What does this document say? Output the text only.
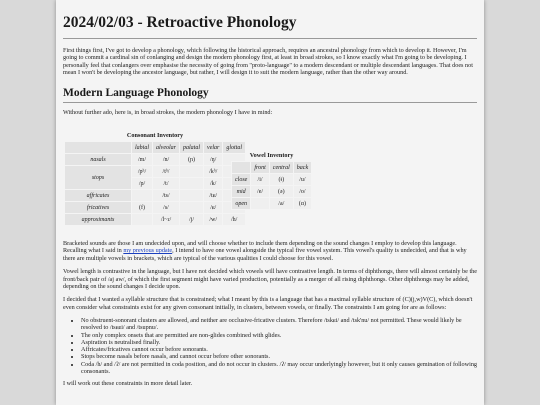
2024/02/03 - Retroactive Phonology

First things first, I've got to develop a phonology, which following the historical approach, requires an ancestral phonology from which to develop it. However, I'm going to commit a cardinal sin of conlanging and design the modern phonology first, at least in broad strokes, so I know exactly what I'm going to be developing. I personally feel that conlangers over emphasise the necessity of going from "proto-language" to a modern descendant or multiple descendant languages. That does not mean I won't be developing the ancestor language, but rather, I will design it to suit the modern language, rather than the other way around.

Modern Language Phonology

Without further ado, here is, in broad strokes, the modern phonology I have in mind:

Consonant Inventory
	labial	alveolar	palatal	velar	glottal
nasals	/m/	/n/	(ɲ)	/ŋ/	
stops	/pʰ/	/tʰ/		/kʰ/	
	/p/	/t/		/k/	
affricates		/ts/		/tɕ/	
fricatives	(f)	/s/		/ɕ/	
approximants		/l~ɾ/	/j/	/w/	/h/
Vowel Inventory
	front	central	back
close	/i/	(ɨ)	/u/
mid	/e/	(ə)	/o/
open		/a/	(ɑ)

Bracketed sounds are those I am undecided upon, and will choose whether to include them depending on the sound changes I employ to develop this language. Recalling what I said in my previous update, I intend to have one vowel alongside the typical five vowel system. This vowel's quality is undecided, and that is why there are multiple vowels in brackets, which are typical of the various qualities I could choose for this vowel.

Vowel length is contrastive in the language, but I have not decided which vowels will have contrastive length. In terms of diphthongs, there will almost certainly be the front/back pair of /aj aw/, of which the first segment might have varied production, potentially as a merger of all rising diphthongs. Other diphthongs may be added, depending on the sound changes I decide upon.

I decided that I wanted a syllable structure that is constrained; what I meant by this is a language that has a maximal syllable structure of (C)(j,w)V(C), which doesn't even consider what constraints exist for any given consonant initially, in clusters, between vowels, or finally. The constraints I am going for are as follows:

• No obstruent-sonorant clusters are allowed, and neither are occlusive-fricative clusters. Therefore /tskɕi/ and /tsk'nu/ not permitted. These would likely be resolved to /tsɕɕi/ and /tsupnu/.
• The only complex onsets that are permitted are non-glides combined with glides.
• Aspiration is neutralised finally.
• Affricates/fricatives cannot occur before sonorants.
• Stops become nasals before nasals, and cannot occur before other sonorants.
• Coda /h/ and /ʔ/ are not permitted in coda position, and do not occur in clusters. /ʔ/ may occur underlyingly however, but it only causes gemination of following consonants.

I will work out these constraints in more detail later.
